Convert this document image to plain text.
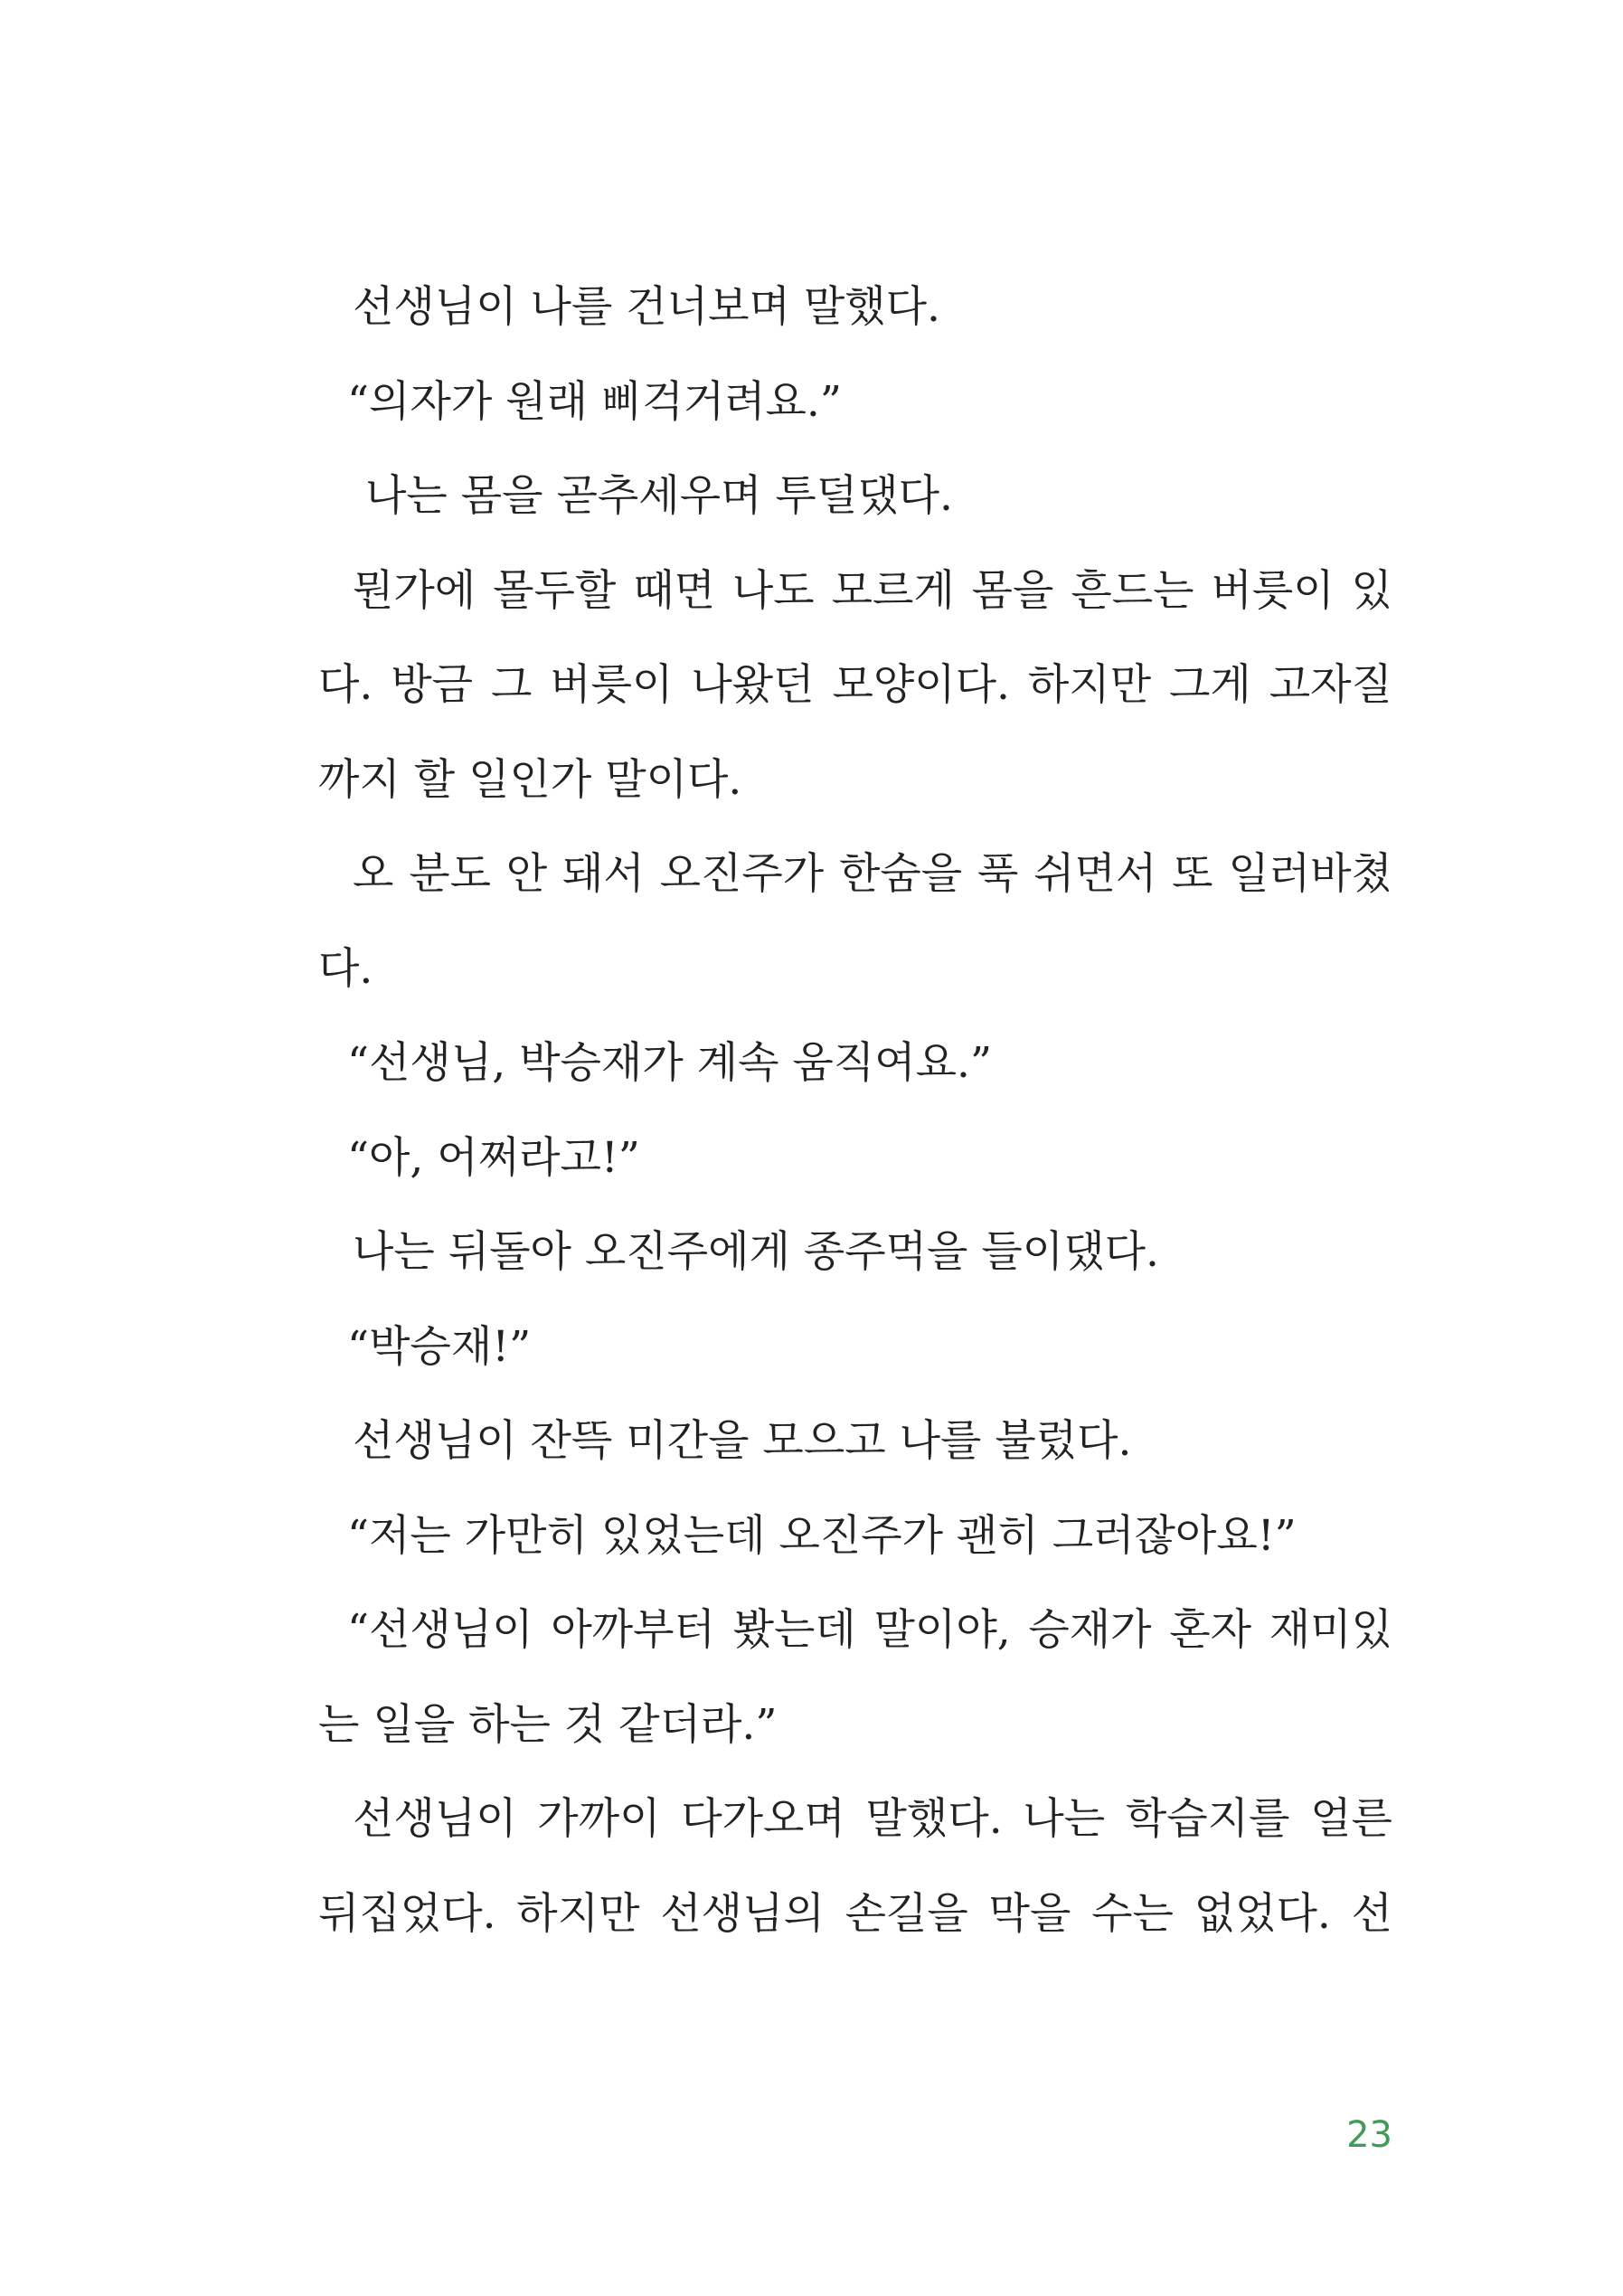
선생님이 나를 건너보며 말했다.
“의자가 원래 삐걱거려요.”
나는 몸을 곧추세우며 투덜댔다.
뭔가에 몰두할 때면 나도 모르게 몸을 흔드는 버릇이 있
다. 방금 그 버릇이 나왔던 모양이다. 하지만 그게 고자질
까지 할 일인가 말이다.
오 분도 안 돼서 오진주가 한숨을 푹 쉬면서 또 일러바쳤
다.
“선생님, 박승재가 계속 움직여요.”
“아, 어쩌라고!”
나는 뒤돌아 오진주에게 종주먹을 들이댔다.
“박승재!”
선생님이 잔뜩 미간을 모으고 나를 불렀다.
“저는 가만히 있었는데 오진주가 괜히 그러잖아요!”
“선생님이 아까부터 봤는데 말이야, 승재가 혼자 재미있
는 일을 하는 것 같더라.”
선생님이 가까이 다가오며 말했다. 나는 학습지를 얼른
뒤집었다. 하지만 선생님의 손길을 막을 수는 없었다. 선
23
